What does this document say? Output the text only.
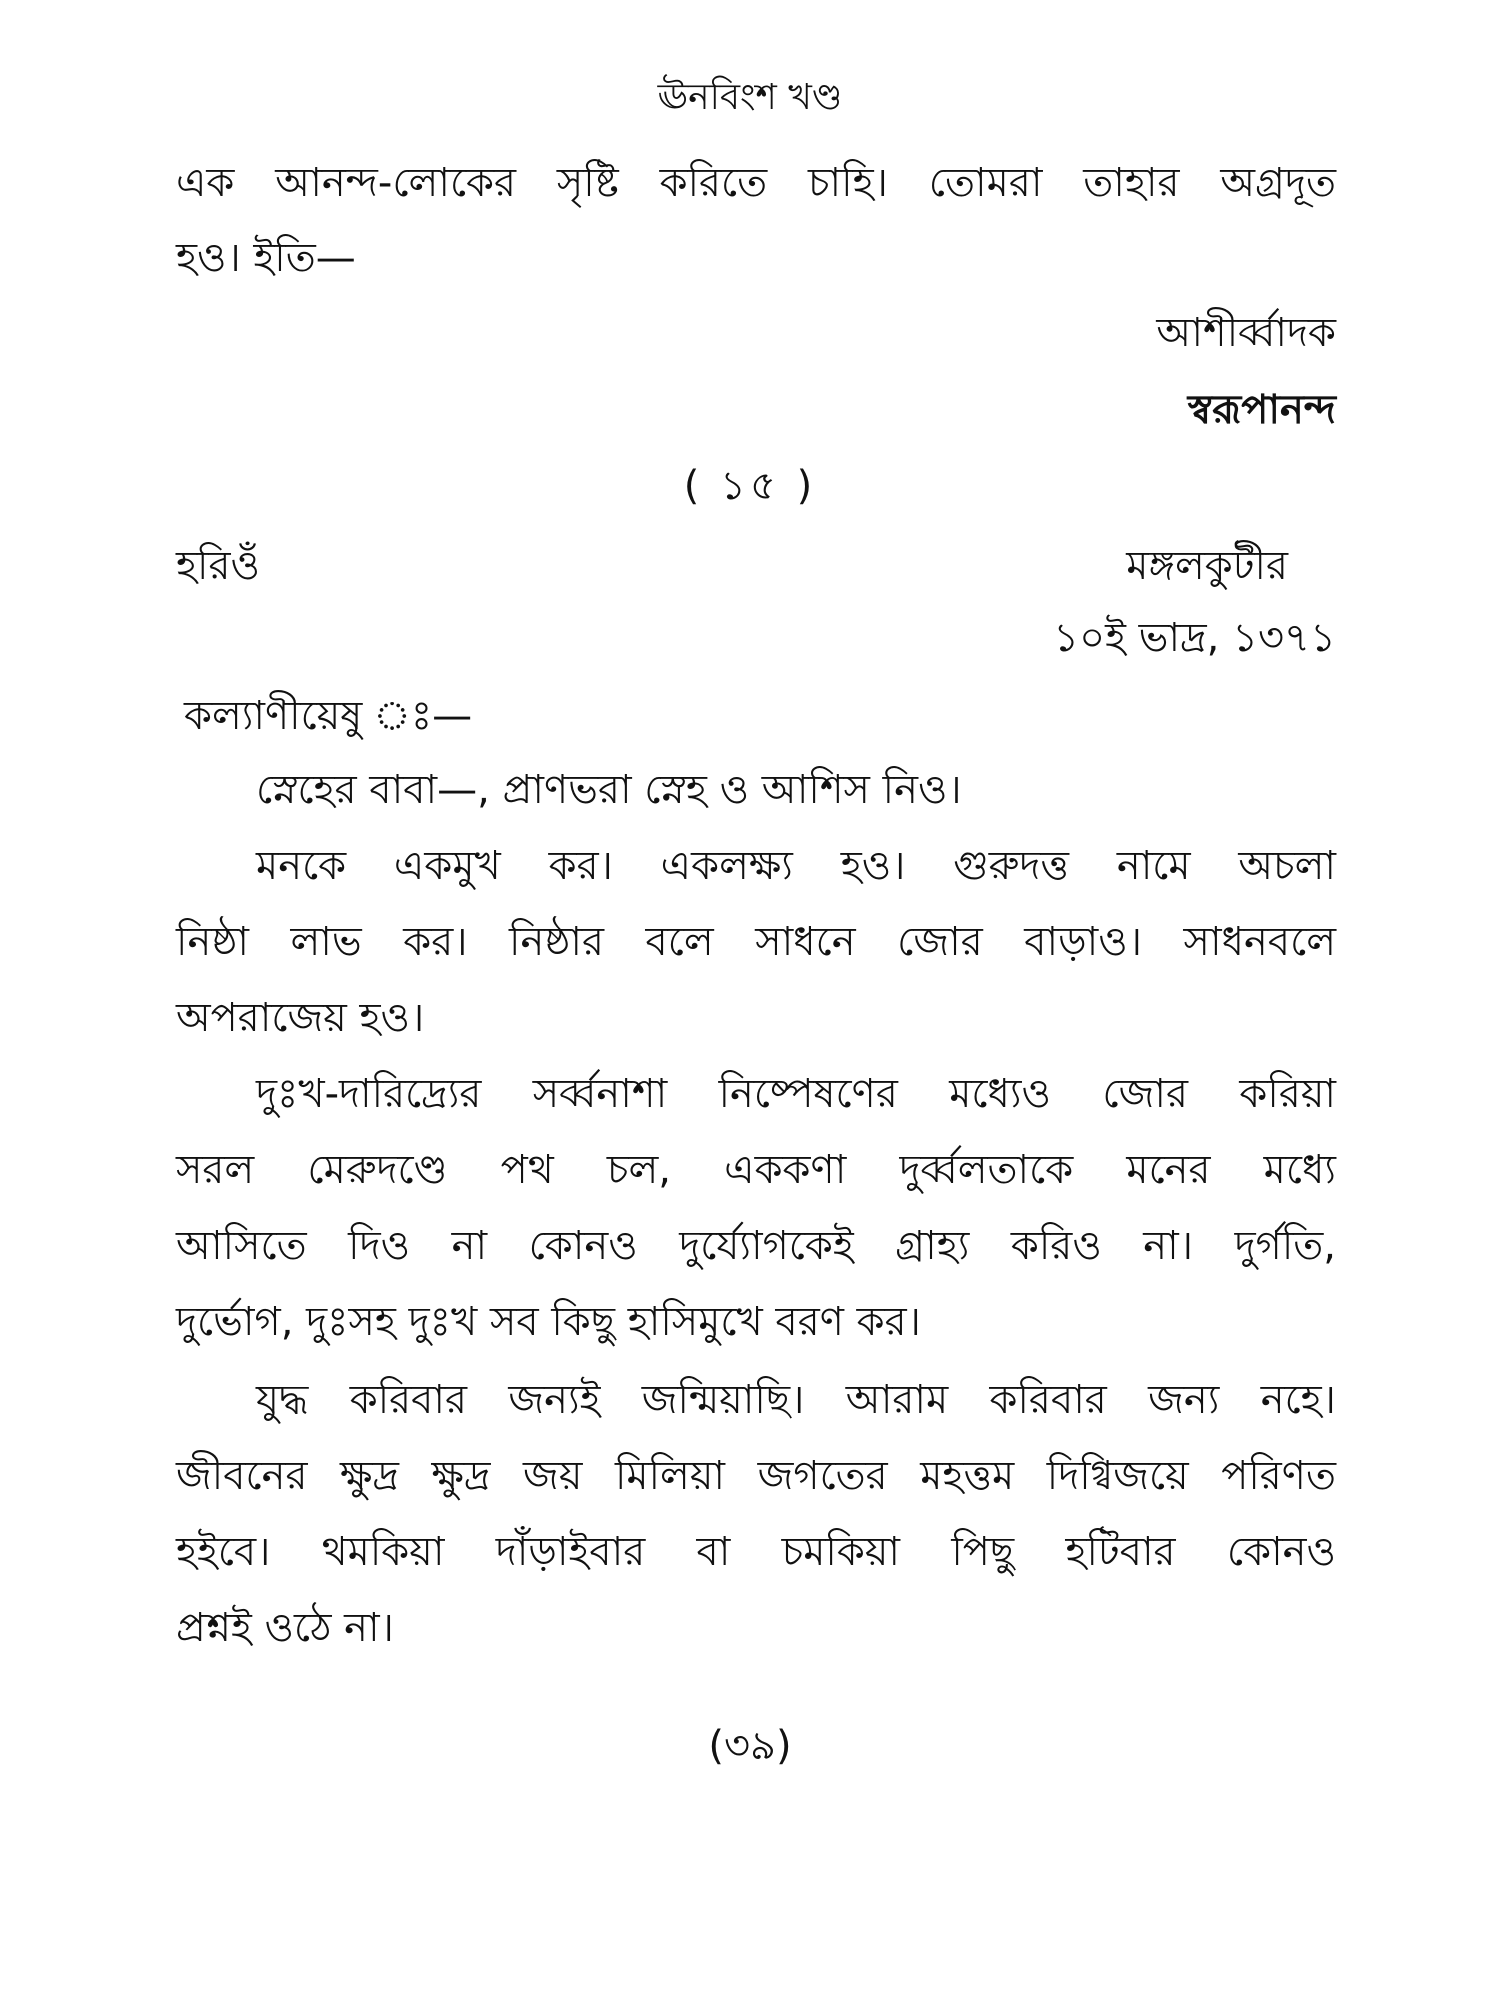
ঊনবিংশ খণ্ড
এক আনন্দ-লোকের সৃষ্টি করিতে চাহি। তোমরা তাহার অগ্রদূত
হও। ইতি—
আশীর্ব্বাদক
স্বরূপানন্দ
( ১৫ )
হরিওঁ	মঙ্গলকুটীর
১০ই ভাদ্র, ১৩৭১
কল্যাণীয়েষু ঃ—
স্নেহের বাবা—, প্রাণভরা স্নেহ ও আশিস নিও।
মনকে একমুখ কর। একলক্ষ্য হও। গুরুদত্ত নামে অচলা
নিষ্ঠা লাভ কর। নিষ্ঠার বলে সাধনে জোর বাড়াও। সাধনবলে
অপরাজেয় হও।
দুঃখ-দারিদ্র্যের সর্ব্বনাশা নিষ্পেষণের মধ্যেও জোর করিয়া
সরল মেরুদণ্ডে পথ চল, এককণা দুর্ব্বলতাকে মনের মধ্যে
আসিতে দিও না কোনও দুর্য্যোগকেই গ্রাহ্য করিও না। দুর্গতি,
দুর্ভোগ, দুঃসহ দুঃখ সব কিছু হাসিমুখে বরণ কর।
যুদ্ধ করিবার জন্যই জন্মিয়াছি। আরাম করিবার জন্য নহে।
জীবনের ক্ষুদ্র ক্ষুদ্র জয় মিলিয়া জগতের মহত্তম দিগ্বিজয়ে পরিণত
হইবে। থমকিয়া দাঁড়াইবার বা চমকিয়া পিছু হটিবার কোনও
প্রশ্নই ওঠে না।
(৩৯)
